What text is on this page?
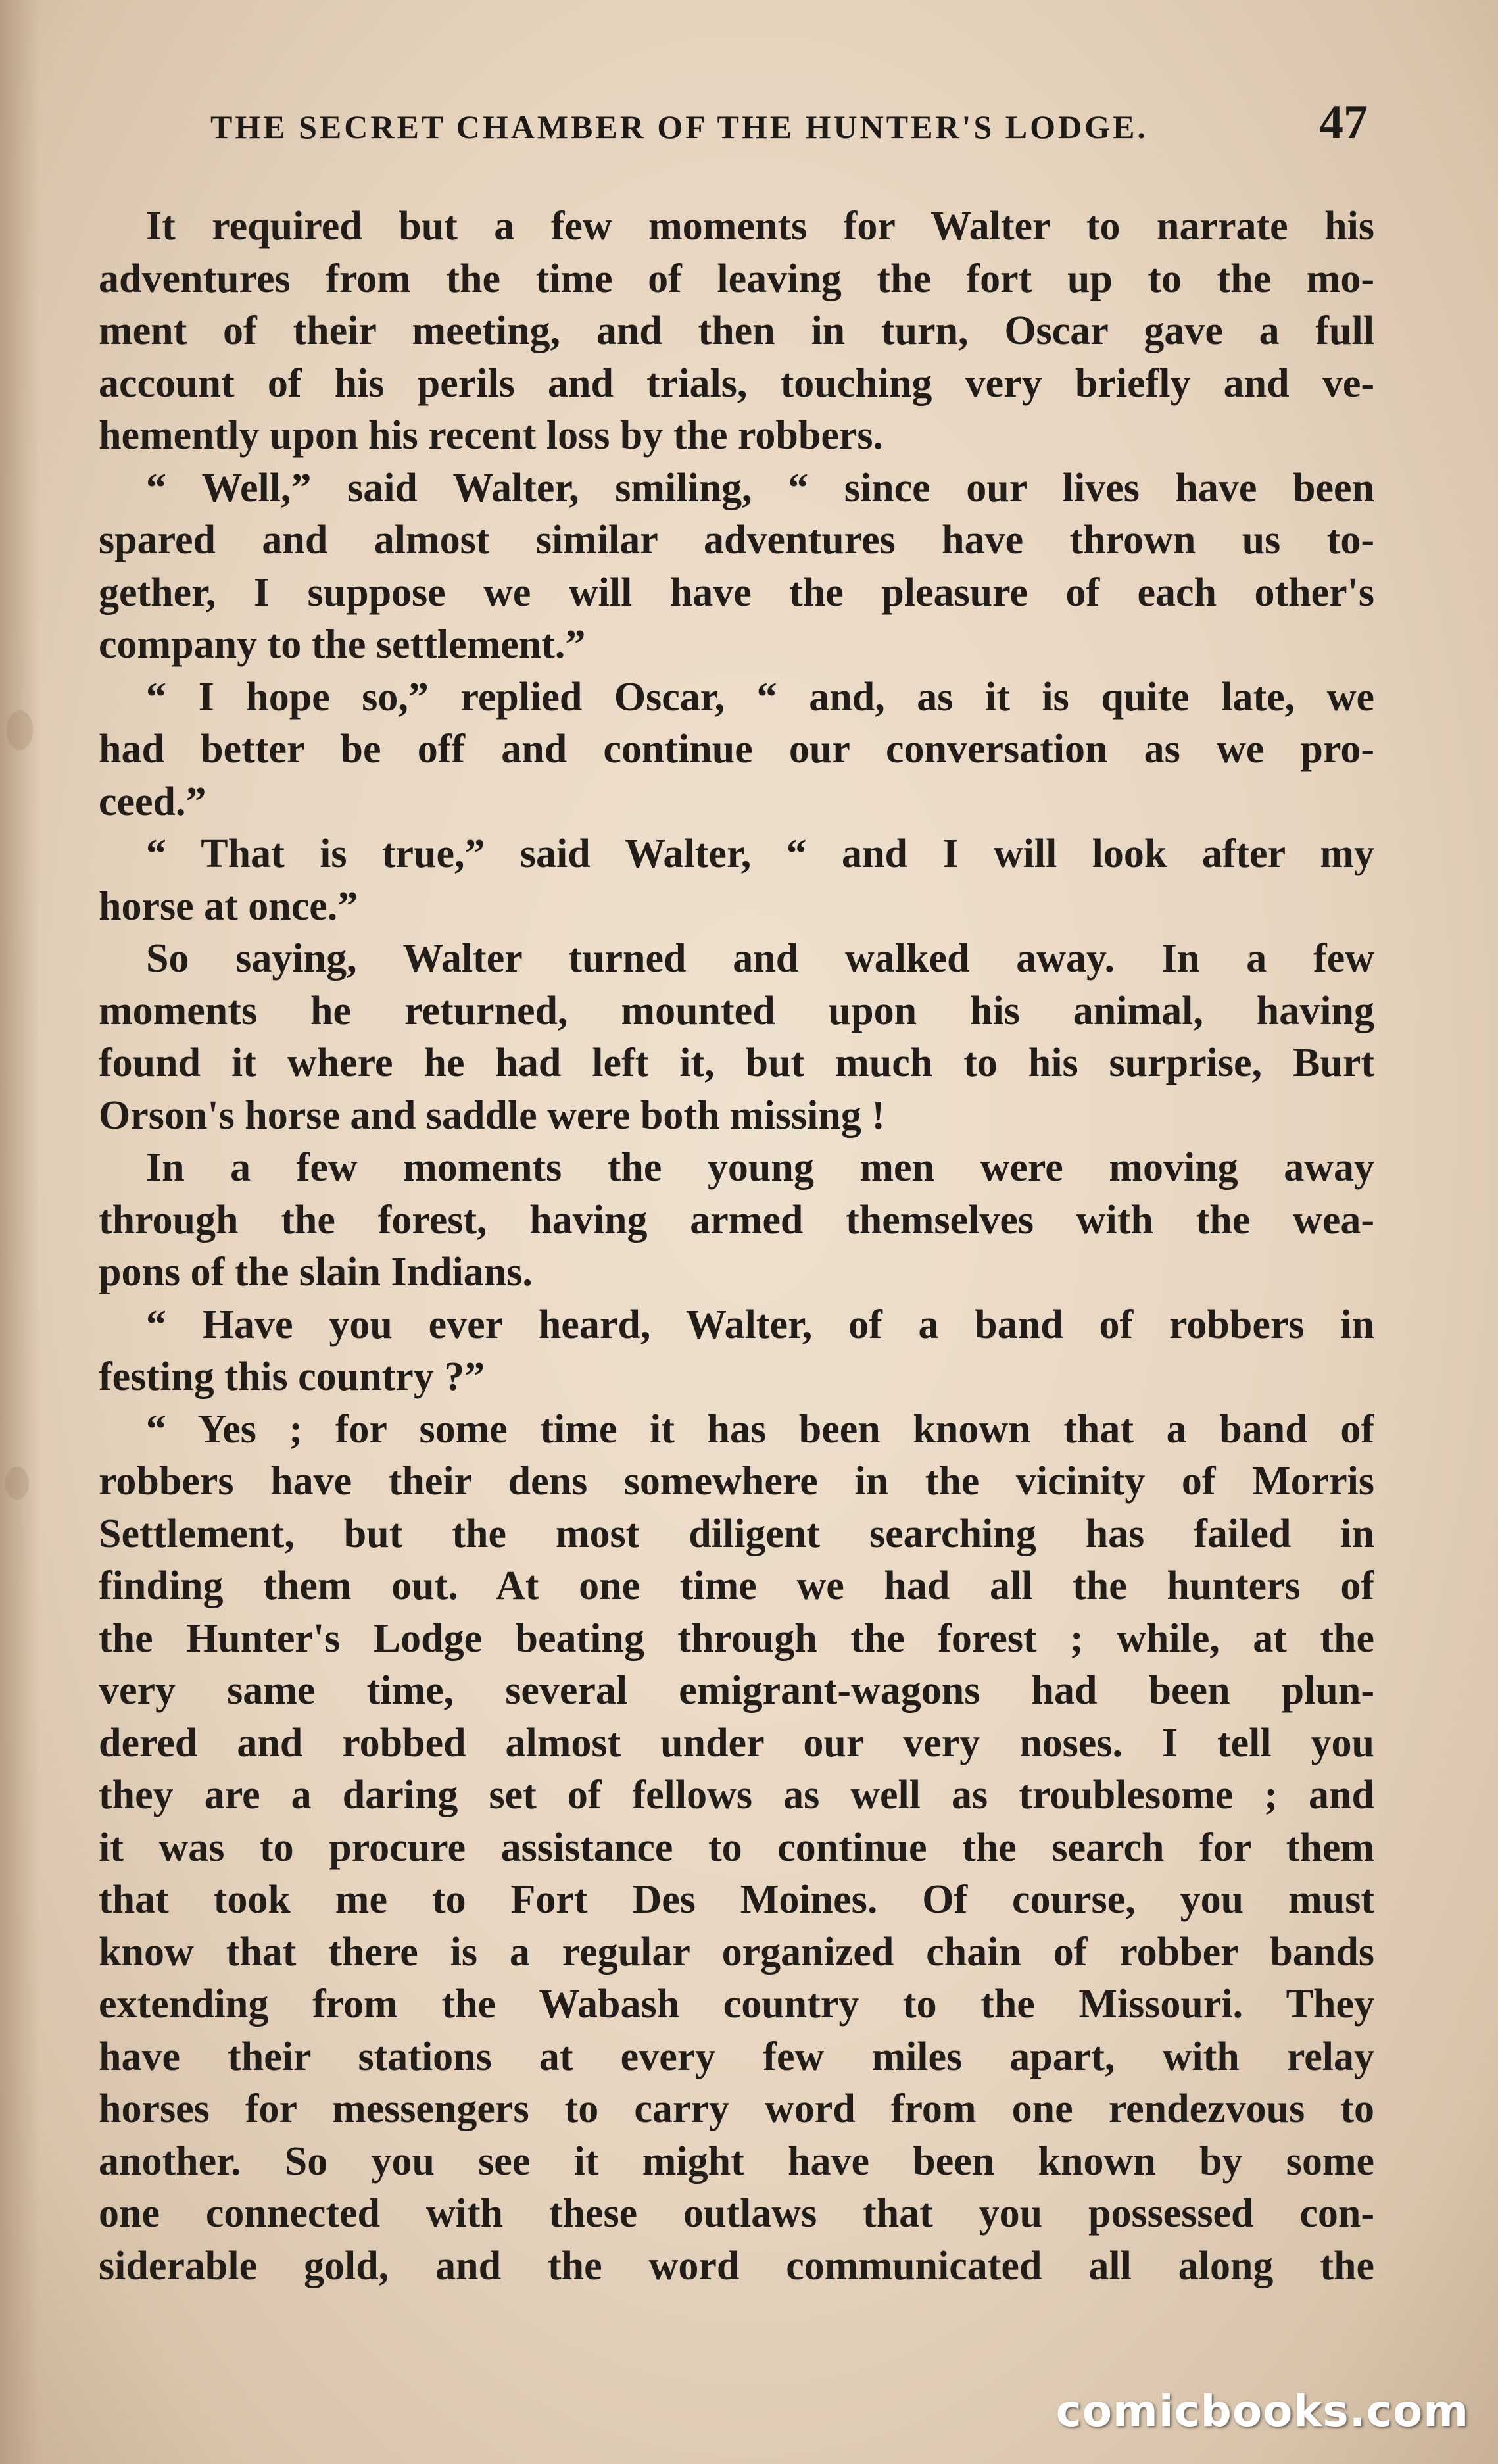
THE SECRET CHAMBER OF THE HUNTER'S LODGE.	47
It required but a few moments for Walter to narrate his
adventures from the time of leaving the fort up to the mo-
ment of their meeting, and then in turn, Oscar gave a full
account of his perils and trials, touching very briefly and ve-
hemently upon his recent loss by the robbers.
“ Well,” said Walter, smiling, “ since our lives have been
spared and almost similar adventures have thrown us to-
gether, I suppose we will have the pleasure of each other's
company to the settlement.”
“ I hope so,” replied Oscar, “ and, as it is quite late, we
had better be off and continue our conversation as we pro-
ceed.”
“ That is true,” said Walter, “ and I will look after my
horse at once.”
So saying, Walter turned and walked away. In a few
moments he returned, mounted upon his animal, having
found it where he had left it, but much to his surprise, Burt
Orson's horse and saddle were both missing !
In a few moments the young men were moving away
through the forest, having armed themselves with the wea-
pons of the slain Indians.
“ Have you ever heard, Walter, of a band of robbers in
festing this country ?”
“ Yes ; for some time it has been known that a band of
robbers have their dens somewhere in the vicinity of Morris
Settlement, but the most diligent searching has failed in
finding them out. At one time we had all the hunters of
the Hunter's Lodge beating through the forest ; while, at the
very same time, several emigrant-wagons had been plun-
dered and robbed almost under our very noses. I tell you
they are a daring set of fellows as well as troublesome ; and
it was to procure assistance to continue the search for them
that took me to Fort Des Moines. Of course, you must
know that there is a regular organized chain of robber bands
extending from the Wabash country to the Missouri. They
have their stations at every few miles apart, with relay
horses for messengers to carry word from one rendezvous to
another. So you see it might have been known by some
one connected with these outlaws that you possessed con-
siderable gold, and the word communicated all along the
comicbooks.com
